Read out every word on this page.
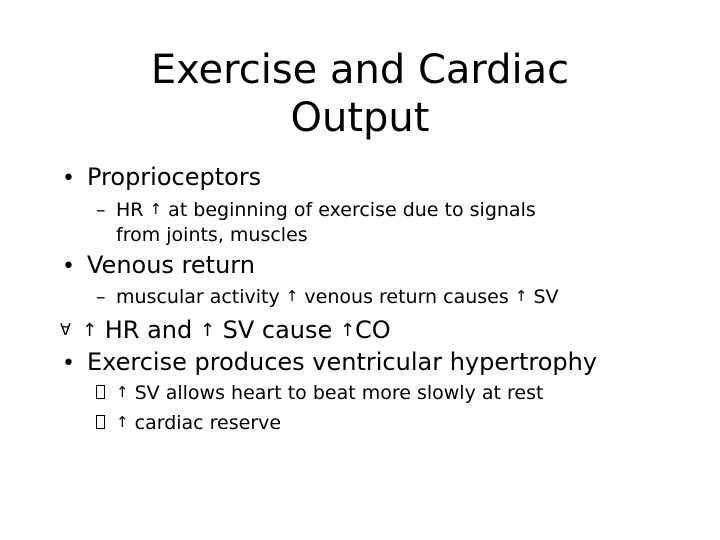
Exercise and Cardiac
Output
• Proprioceptors
– HR ↑ at beginning of exercise due to signals
from joints, muscles
• Venous return
– muscular activity ↑ venous return causes ↑ SV
∀ ↑ HR and ↑ SV cause ↑CO
• Exercise produces ventricular hypertrophy
↑ SV allows heart to beat more slowly at rest
↑ cardiac reserve
